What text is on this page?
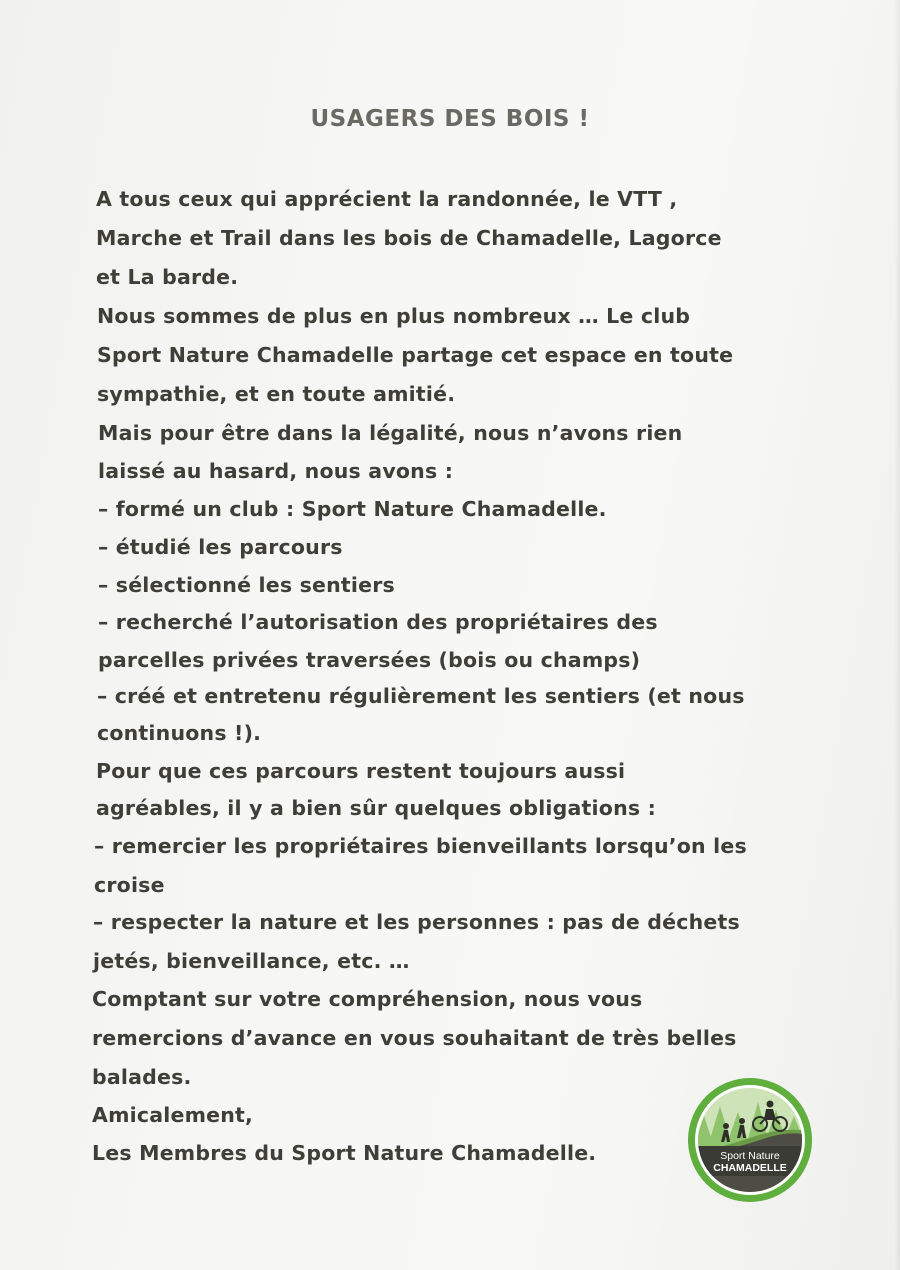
USAGERS DES BOIS !

A tous ceux qui apprécient la randonnée, le VTT ,

Marche et Trail dans les bois de Chamadelle, Lagorce

et La barde.

Nous sommes de plus en plus nombreux … Le club

Sport Nature Chamadelle partage cet espace en toute

sympathie, et en toute amitié.

Mais pour être dans la légalité, nous n’avons rien

laissé au hasard, nous avons :

– formé un club : Sport Nature Chamadelle.

– étudié les parcours

– sélectionné les sentiers

– recherché l’autorisation des propriétaires des

parcelles privées traversées (bois ou champs)

– créé et entretenu régulièrement les sentiers (et nous

continuons !).

Pour que ces parcours restent toujours aussi

agréables, il y a bien sûr quelques obligations :

– remercier les propriétaires bienveillants lorsqu’on les

croise

– respecter la nature et les personnes : pas de déchets

jetés, bienveillance, etc. …

Comptant sur votre compréhension, nous vous

remercions d’avance en vous souhaitant de très belles

balades.

Amicalement,

Les Membres du Sport Nature Chamadelle.	Sport Nature
CHAMADELLE
